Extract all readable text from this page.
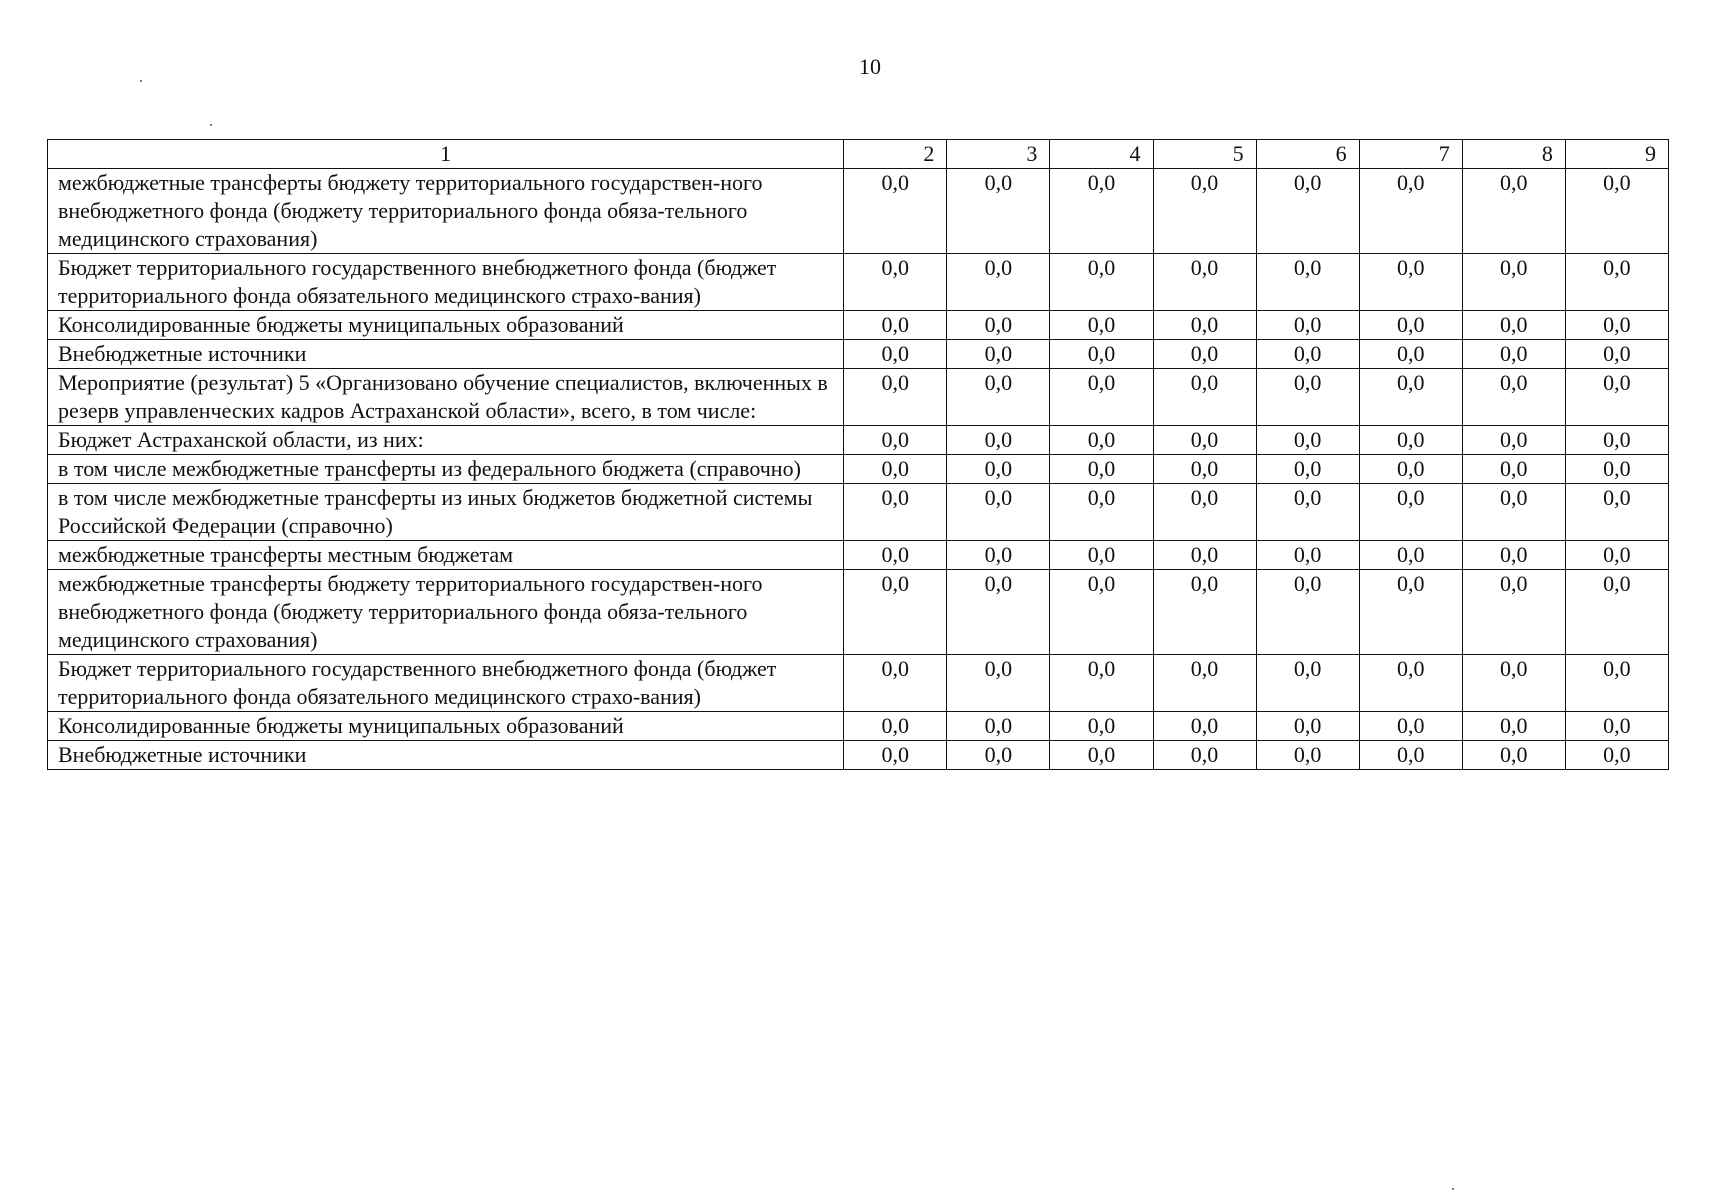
10
1	2	3	4	5	6	7	8	9
межбюджетные трансферты бюджету территориального государствен-ного внебюджетного фонда (бюджету территориального фонда обяза-тельного медицинского страхования)	0,0	0,0	0,0	0,0	0,0	0,0	0,0	0,0
Бюджет территориального государственного внебюджетного фонда (бюджет территориального фонда обязательного медицинского страхо-вания)	0,0	0,0	0,0	0,0	0,0	0,0	0,0	0,0
Консолидированные бюджеты муниципальных образований	0,0	0,0	0,0	0,0	0,0	0,0	0,0	0,0
Внебюджетные источники	0,0	0,0	0,0	0,0	0,0	0,0	0,0	0,0
Мероприятие (результат) 5 «Организовано обучение специалистов, включенных в резерв управленческих кадров Астраханской области», всего, в том числе:	0,0	0,0	0,0	0,0	0,0	0,0	0,0	0,0
Бюджет Астраханской области, из них:	0,0	0,0	0,0	0,0	0,0	0,0	0,0	0,0
в том числе межбюджетные трансферты из федерального бюджета (справочно)	0,0	0,0	0,0	0,0	0,0	0,0	0,0	0,0
в том числе межбюджетные трансферты из иных бюджетов бюджетной системы Российской Федерации (справочно)	0,0	0,0	0,0	0,0	0,0	0,0	0,0	0,0
межбюджетные трансферты местным бюджетам	0,0	0,0	0,0	0,0	0,0	0,0	0,0	0,0
межбюджетные трансферты бюджету территориального государствен-ного внебюджетного фонда (бюджету территориального фонда обяза-тельного медицинского страхования)	0,0	0,0	0,0	0,0	0,0	0,0	0,0	0,0
Бюджет территориального государственного внебюджетного фонда (бюджет территориального фонда обязательного медицинского страхо-вания)	0,0	0,0	0,0	0,0	0,0	0,0	0,0	0,0
Консолидированные бюджеты муниципальных образований	0,0	0,0	0,0	0,0	0,0	0,0	0,0	0,0
Внебюджетные источники	0,0	0,0	0,0	0,0	0,0	0,0	0,0	0,0
